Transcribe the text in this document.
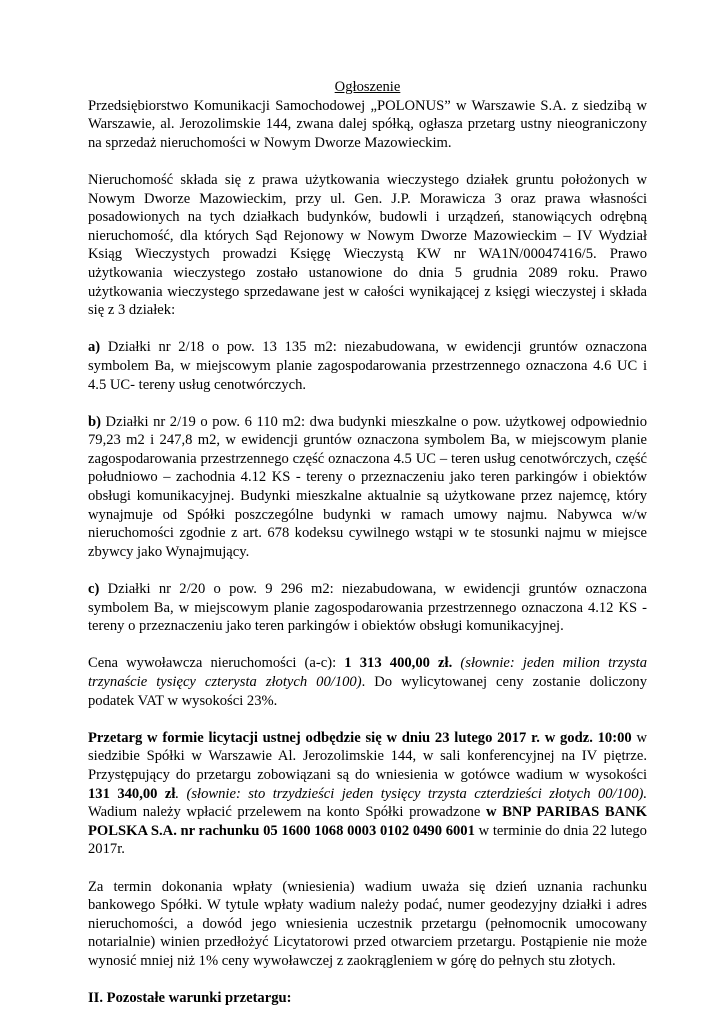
Ogłoszenie

Przedsiębiorstwo Komunikacji Samochodowej „POLONUS” w Warszawie S.A. z siedzibą w Warszawie, al. Jerozolimskie 144, zwana dalej spółką, ogłasza przetarg ustny nieograniczony na sprzedaż nieruchomości w Nowym Dworze Mazowieckim.

Nieruchomość składa się z prawa użytkowania wieczystego działek gruntu położonych w Nowym Dworze Mazowieckim, przy ul. Gen. J.P. Morawicza 3 oraz prawa własności posadowionych na tych działkach budynków, budowli i urządzeń, stanowiących odrębną nieruchomość, dla których Sąd Rejonowy w Nowym Dworze Mazowieckim – IV Wydział Ksiąg Wieczystych prowadzi Księgę Wieczystą KW nr WA1N/00047416/5. Prawo użytkowania wieczystego zostało ustanowione do dnia 5 grudnia 2089 roku. Prawo użytkowania wieczystego sprzedawane jest w całości wynikającej z księgi wieczystej i składa się z 3 działek:

a) Działki nr 2/18 o pow. 13 135 m2: niezabudowana, w ewidencji gruntów oznaczona symbolem Ba, w miejscowym planie zagospodarowania przestrzennego oznaczona 4.6 UC i 4.5 UC- tereny usług cenotwórczych.

b) Działki nr 2/19 o pow. 6 110 m2: dwa budynki mieszkalne o pow. użytkowej odpowiednio 79,23 m2 i 247,8 m2, w ewidencji gruntów oznaczona symbolem Ba, w miejscowym planie zagospodarowania przestrzennego część oznaczona 4.5 UC – teren usług cenotwórczych, część południowo – zachodnia 4.12 KS - tereny o przeznaczeniu jako teren parkingów i obiektów obsługi komunikacyjnej. Budynki mieszkalne aktualnie są użytkowane przez najemcę, który wynajmuje od Spółki poszczególne budynki w ramach umowy najmu. Nabywca w/w nieruchomości zgodnie z art. 678 kodeksu cywilnego wstąpi w te stosunki najmu w miejsce zbywcy jako Wynajmujący.

c) Działki nr 2/20 o pow. 9 296 m2: niezabudowana, w ewidencji gruntów oznaczona symbolem Ba, w miejscowym planie zagospodarowania przestrzennego oznaczona 4.12 KS - tereny o przeznaczeniu jako teren parkingów i obiektów obsługi komunikacyjnej.

Cena wywoławcza nieruchomości (a-c): 1 313 400,00 zł. (słownie: jeden milion trzysta trzynaście tysięcy czterysta złotych 00/100). Do wylicytowanej ceny zostanie doliczony podatek VAT w wysokości 23%.

Przetarg w formie licytacji ustnej odbędzie się w dniu 23 lutego 2017 r. w godz. 10:00 w siedzibie Spółki w Warszawie Al. Jerozolimskie 144, w sali konferencyjnej na IV piętrze. Przystępujący do przetargu zobowiązani są do wniesienia w gotówce wadium w wysokości 131 340,00 zł. (słownie: sto trzydzieści jeden tysięcy trzysta czterdzieści złotych 00/100). Wadium należy wpłacić przelewem na konto Spółki prowadzone w BNP PARIBAS BANK POLSKA S.A. nr rachunku 05 1600 1068 0003 0102 0490 6001 w terminie do dnia 22 lutego 2017r.

Za termin dokonania wpłaty (wniesienia) wadium uważa się dzień uznania rachunku bankowego Spółki. W tytule wpłaty wadium należy podać, numer geodezyjny działki i adres nieruchomości, a dowód jego wniesienia uczestnik przetargu (pełnomocnik umocowany notarialnie) winien przedłożyć Licytatorowi przed otwarciem przetargu. Postąpienie nie może wynosić mniej niż 1% ceny wywoławczej z zaokrągleniem w górę do pełnych stu złotych.

II. Pozostałe warunki przetargu:
